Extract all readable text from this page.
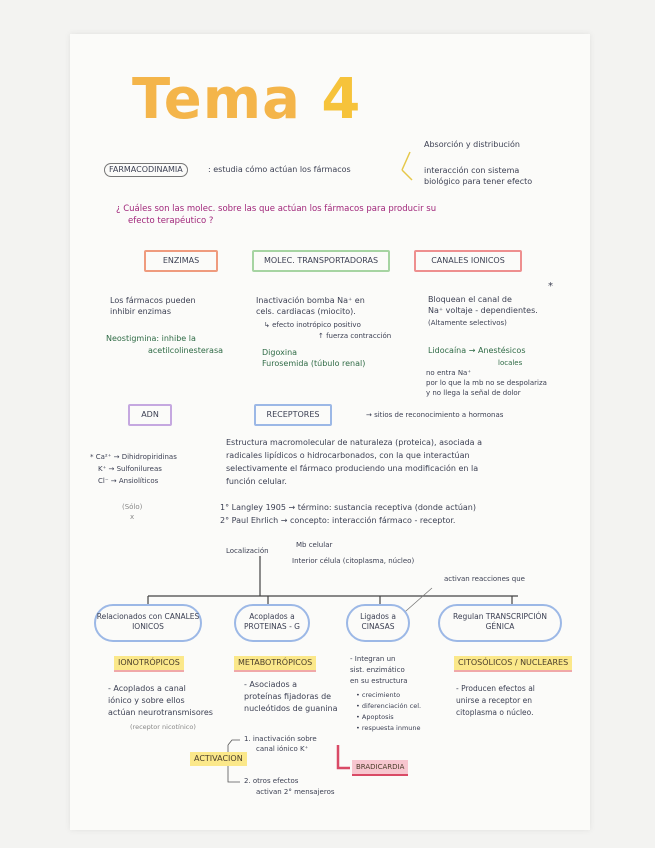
Tema 4
FARMACODINAMIA	: estudia cómo actúan los fármacos
Absorción y distribución
interacción con sistema
biológico para tener efecto
¿ Cuáles son las molec. sobre las que actúan los fármacos para producir su
efecto terapéutico ?
ENZIMAS	MOLEC. TRANSPORTADORAS	CANALES IONICOS
*
Los fármacos pueden
inhibir enzimas
Neostigmina: inhibe la
acetilcolinesterasa
Inactivación bomba Na⁺ en
cels. cardiacas (miocito).
↳ efecto inotrópico positivo
↑ fuerza contracción
Digoxina
Furosemida (túbulo renal)
Bloquean el canal de
Na⁺ voltaje - dependientes.
(Altamente selectivos)
Lidocaína → Anestésicos
locales
no entra Na⁺
por lo que la mb no se despolariza
y no llega la señal de dolor
ADN	RECEPTORES	→ sitios de reconocimiento a hormonas
* Ca²⁺ → Dihidropiridinas
K⁺ → Sulfonilureas
Cl⁻ → Ansiolíticos
(Sólo)
x
Estructura macromolecular de naturaleza (proteica), asociada a
radicales lipídicos o hidrocarbonados, con la que interactúan
selectivamente el fármaco produciendo una modificación en la
función celular.
1° Langley 1905 → término: sustancia receptiva (donde actúan)
2° Paul Ehrlich → concepto: interacción fármaco - receptor.
Localización
Mb celular
Interior célula (citoplasma, núcleo)
activan reacciones que
Relacionados con CANALES IONICOS
Acoplados a PROTEINAS - G
Ligados a CINASAS
Regulan TRANSCRIPCIÓN GÉNICA
IONOTRÓPICOS	METABOTRÓPICOS	CITOSÓLICOS / NUCLEARES
- Acoplados a canal
iónico y sobre ellos
actúan neurotransmisores
(receptor nicotínico)
- Asociados a
proteínas fijadoras de
nucleótidos de guanina
- Integran un
sist. enzimático
en su estructura
• crecimiento
• diferenciación cel.
• Apoptosis
• respuesta inmune
- Producen efectos al
unirse a receptor en
citoplasma o núcleo.
ACTIVACION
1. inactivación sobre
canal iónico K⁺
2. otros efectos
activan 2° mensajeros
BRADICARDIA
